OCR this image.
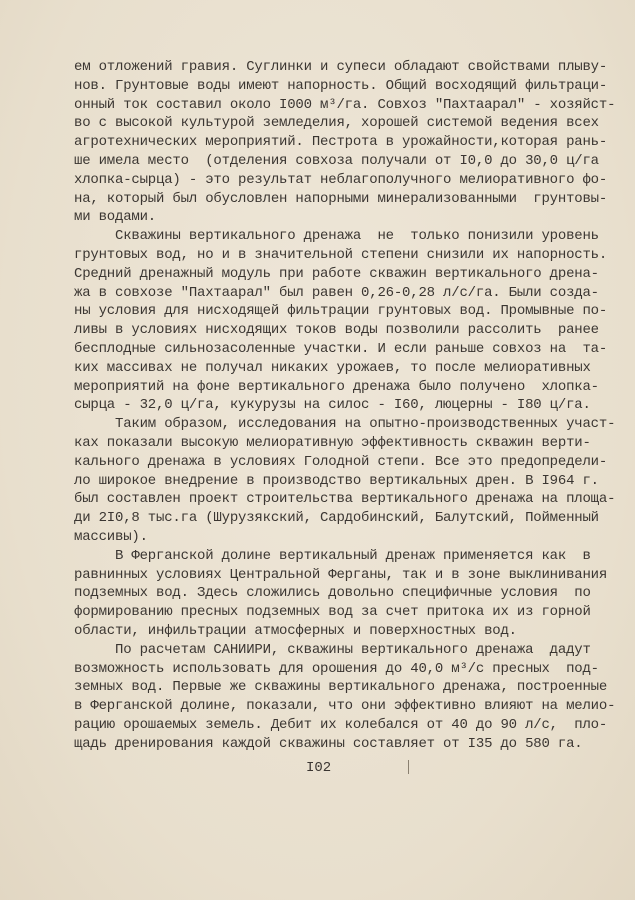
ем отложений гравия. Суглинки и супеси обладают свойствами плыву-
нов. Грунтовые воды имеют напорность. Общий восходящий фильтраци-
онный ток составил около I000 м³/га. Совхоз "Пахтаарал" - хозяйст-
во с высокой культурой земледелия, хорошей системой ведения всех
агротехнических мероприятий. Пестрота в урожайности,которая рань-
ше имела место  (отделения совхоза получали от I0,0 до 30,0 ц/га
хлопка-сырца) - это результат неблагополучного мелиоративного фо-
на, который был обусловлен напорными минерализованными  грунтовы-
ми водами.
Скважины вертикального дренажа  не  только понизили уровень
грунтовых вод, но и в значительной степени снизили их напорность.
Средний дренажный модуль при работе скважин вертикального дрена-
жа в совхозе "Пахтаарал" был равен 0,26-0,28 л/с/га. Были созда-
ны условия для нисходящей фильтрации грунтовых вод. Промывные по-
ливы в условиях нисходящих токов воды позволили рассолить  ранее
бесплодные сильнозасоленные участки. И если раньше совхоз на  та-
ких массивах не получал никаких урожаев, то после мелиоративных
мероприятий на фоне вертикального дренажа было получено  хлопка-
сырца - 32,0 ц/га, кукурузы на силос - I60, люцерны - I80 ц/га.
Таким образом, исследования на опытно-производственных участ-
ках показали высокую мелиоративную эффективность скважин верти-
кального дренажа в условиях Голодной степи. Все это предопредели-
ло широкое внедрение в производство вертикальных дрен. В I964 г.
был составлен проект строительства вертикального дренажа на площа-
ди 2I0,8 тыс.га (Шурузякский, Сардобинский, Балутский, Пойменный
массивы).
В Ферганской долине вертикальный дренаж применяется как  в
равнинных условиях Центральной Ферганы, так и в зоне выклинивания
подземных вод. Здесь сложились довольно специфичные условия  по
формированию пресных подземных вод за счет притока их из горной
области, инфильтрации атмосферных и поверхностных вод.
По расчетам САНИИРИ, скважины вертикального дренажа  дадут
возможность использовать для орошения до 40,0 м³/с пресных  под-
земных вод. Первые же скважины вертикального дренажа, построенные
в Ферганской долине, показали, что они эффективно влияют на мелио-
рацию орошаемых земель. Дебит их колебался от 40 до 90 л/с,  пло-
щадь дренирования каждой скважины составляет от I35 до 580 га.
I02
